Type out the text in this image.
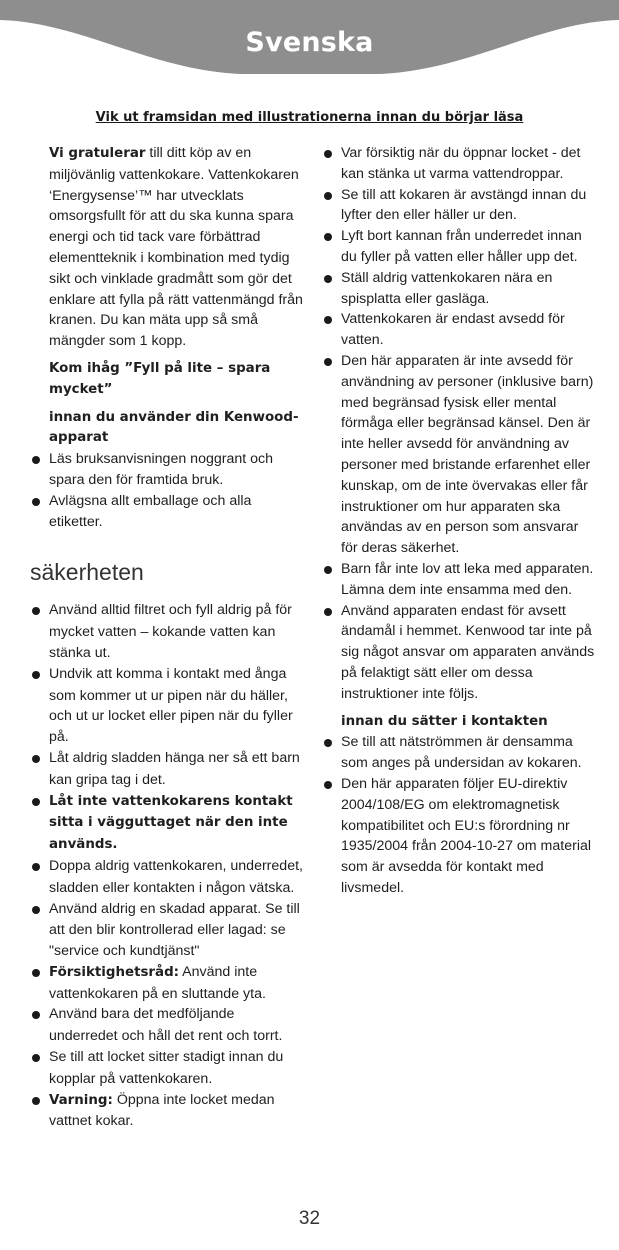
Svenska
Vik ut framsidan med illustrationerna innan du börjar läsa

Vi gratulerar till ditt köp av en miljövänlig vattenkokare. Vattenkokaren ‘Energysense’™ har utvecklats omsorgsfullt för att du ska kunna spara energi och tid tack vare förbättrad elementteknik i kombination med tydig sikt och vinklade gradmått som gör det enklare att fylla på rätt vattenmängd från kranen. Du kan mäta upp så små mängder som 1 kopp.

Kom ihåg ”Fyll på lite – spara mycket”

innan du använder din Kenwood-apparat

Läs bruksanvisningen noggrant och spara den för framtida bruk.
Avlägsna allt emballage och alla etiketter.
säkerheten
Använd alltid filtret och fyll aldrig på för mycket vatten – kokande vatten kan stänka ut.
Undvik att komma i kontakt med ånga som kommer ut ur pipen när du häller, och ut ur locket eller pipen när du fyller på.
Låt aldrig sladden hänga ner så ett barn kan gripa tag i det.
Låt inte vattenkokarens kontakt sitta i vägguttaget när den inte används.
Doppa aldrig vattenkokaren, underredet, sladden eller kontakten i någon vätska.
Använd aldrig en skadad apparat. Se till att den blir kontrollerad eller lagad: se "service och kundtjänst"
Försiktighetsråd: Använd inte vattenkokaren på en sluttande yta.
Använd bara det medföljande underredet och håll det rent och torrt.
Se till att locket sitter stadigt innan du kopplar på vattenkokaren.
Varning: Öppna inte locket medan vattnet kokar.
Var försiktig när du öppnar locket - det kan stänka ut varma vattendroppar.
Se till att kokaren är avstängd innan du lyfter den eller häller ur den.
Lyft bort kannan från underredet innan du fyller på vatten eller håller upp det.
Ställ aldrig vattenkokaren nära en spisplatta eller gasläga.
Vattenkokaren är endast avsedd för vatten.
Den här apparaten är inte avsedd för användning av personer (inklusive barn) med begränsad fysisk eller mental förmåga eller begränsad känsel. Den är inte heller avsedd för användning av personer med bristande erfarenhet eller kunskap, om de inte övervakas eller får instruktioner om hur apparaten ska användas av en person som ansvarar för deras säkerhet.
Barn får inte lov att leka med apparaten. Lämna dem inte ensamma med den.
Använd apparaten endast för avsett ändamål i hemmet. Kenwood tar inte på sig något ansvar om apparaten används på felaktigt sätt eller om dessa instruktioner inte följs.

innan du sätter i kontakten

Se till att nätströmmen är densamma som anges på undersidan av kokaren.
Den här apparaten följer EU-direktiv 2004/108/EG om elektromagnetisk kompatibilitet och EU:s förordning nr 1935/2004 från 2004-10-27 om material som är avsedda för kontakt med livsmedel.
32
